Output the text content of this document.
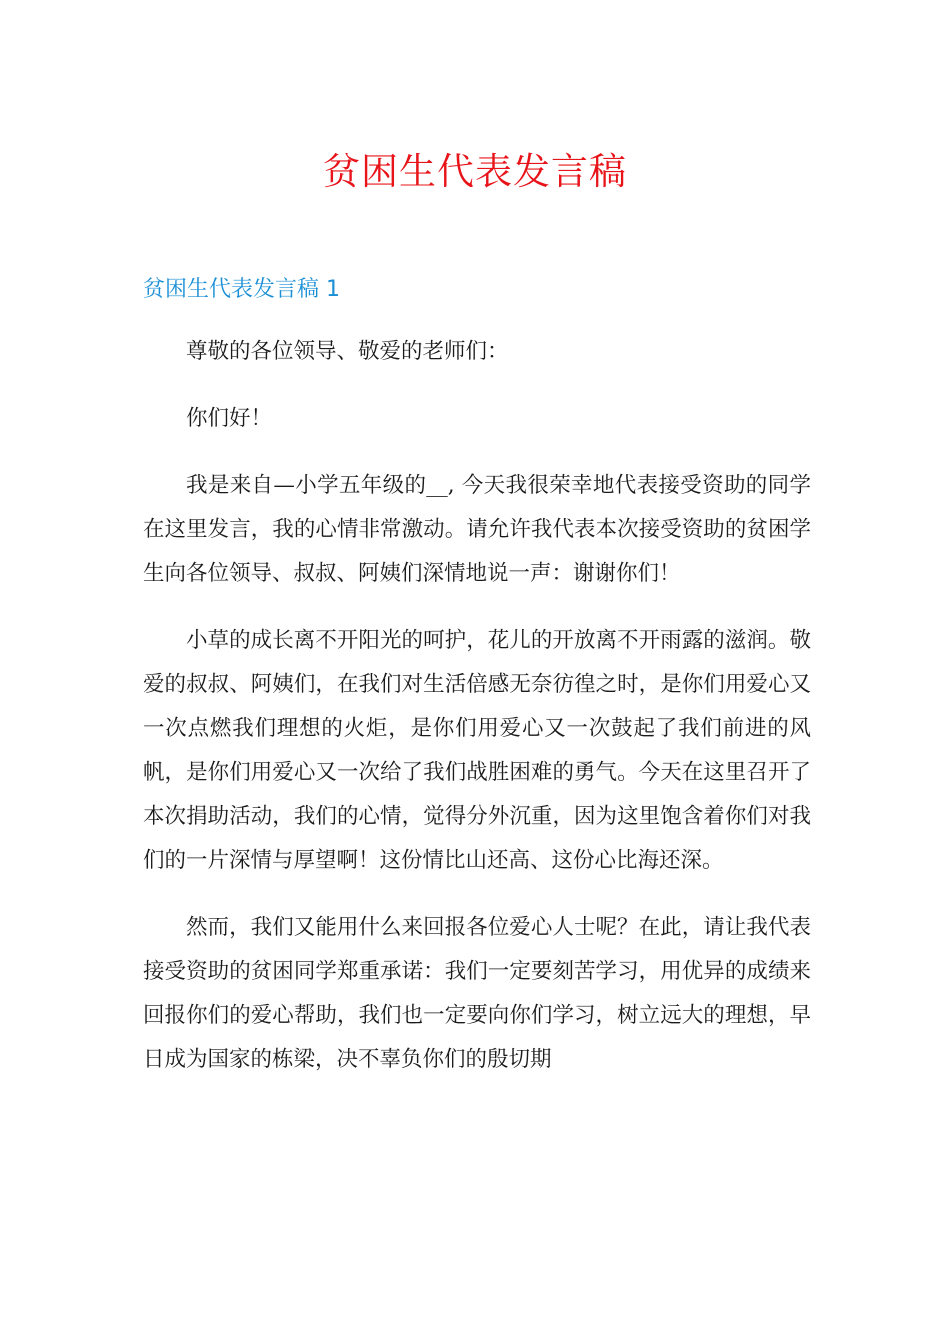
贫困生代表发言稿
贫困生代表发言稿 1

尊敬的各位领导、敬爱的老师们：

你们好！

我是来自—小学五年级的__, 今天我很荣幸地代表接受资助的同学在这里发言，我的心情非常激动。请允许我代表本次接受资助的贫困学生向各位领导、叔叔、阿姨们深情地说一声：谢谢你们！

小草的成长离不开阳光的呵护，花儿的开放离不开雨露的滋润。敬爱的叔叔、阿姨们，在我们对生活倍感无奈彷徨之时，是你们用爱心又一次点燃我们理想的火炬，是你们用爱心又一次鼓起了我们前进的风帆，是你们用爱心又一次给了我们战胜困难的勇气。今天在这里召开了本次捐助活动，我们的心情，觉得分外沉重，因为这里饱含着你们对我们的一片深情与厚望啊！这份情比山还高、这份心比海还深。

然而，我们又能用什么来回报各位爱心人士呢？在此，请让我代表接受资助的贫困同学郑重承诺：我们一定要刻苦学习，用优异的成绩来回报你们的爱心帮助，我们也一定要向你们学习，树立远大的理想，早日成为国家的栋梁，决不辜负你们的殷切期
